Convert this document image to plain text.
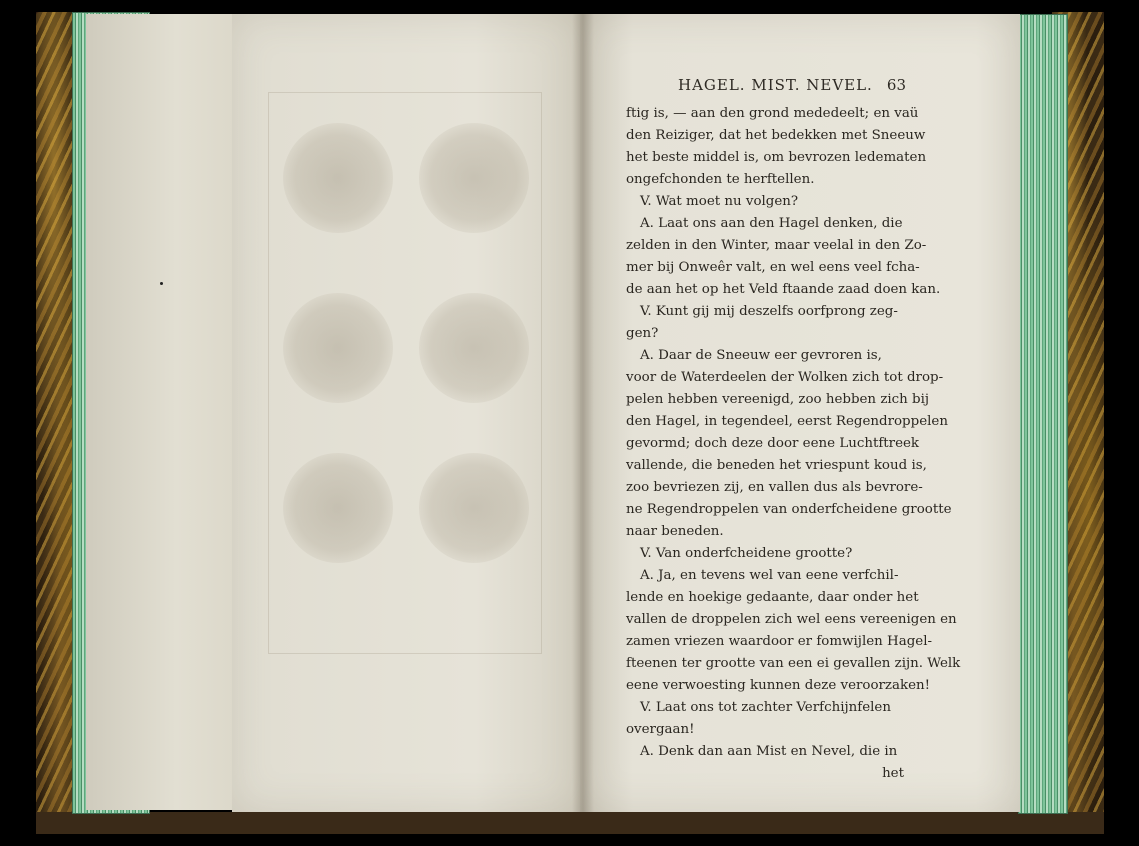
HAGEL. MIST. NEVEL. 63
ftig is, — aan den grond mededeelt; en vaü
den Reiziger, dat het bedekken met Sneeuw
het beste middel is, om bevrozen ledematen
ongefchonden te herftellen.
V. Wat moet nu volgen?
A. Laat ons aan den Hagel denken, die
zelden in den Winter, maar veelal in den Zo-
mer bij Onweêr valt, en wel eens veel fcha-
de aan het op het Veld ftaande zaad doen kan.
V. Kunt gij mij deszelfs oorfprong zeg-
gen?
A. Daar de Sneeuw eer gevroren is,
voor de Waterdeelen der Wolken zich tot drop-
pelen hebben vereenigd, zoo hebben zich bij
den Hagel, in tegendeel, eerst Regendroppelen
gevormd; doch deze door eene Luchtftreek
vallende, die beneden het vriespunt koud is,
zoo bevriezen zij, en vallen dus als bevrore-
ne Regendroppelen van onderfcheidene grootte
naar beneden.
V. Van onderfcheidene grootte?
A. Ja, en tevens wel van eene verfchil-
lende en hoekige gedaante, daar onder het
vallen de droppelen zich wel eens vereenigen en
zamen vriezen waardoor er fomwijlen Hagel-
fteenen ter grootte van een ei gevallen zijn. Welk
eene verwoesting kunnen deze veroorzaken!
V. Laat ons tot zachter Verfchijnfelen
overgaan!
A. Denk dan aan Mist en Nevel, die in
het
